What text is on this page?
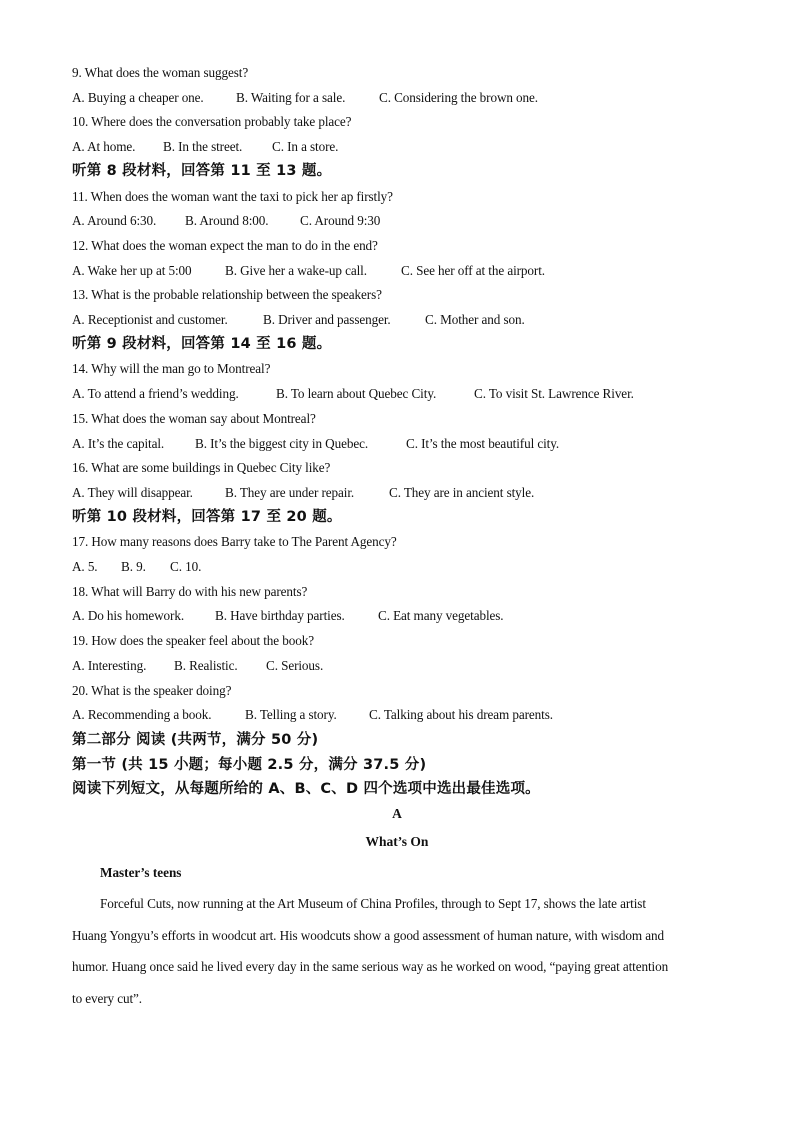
9. What does the woman suggest?
A. Buying a cheaper one. B. Waiting for a sale.	C. Considering the brown one.
10. Where does the conversation probably take place?
A. At home. B. In the street. C. In a store.
听第 8 段材料，回答第 11 至 13 题。
11. When does the woman want the taxi to pick her ap firstly?
A. Around 6:30. B. Around 8:00. C. Around 9:30
12. What does the woman expect the man to do in the end?
A. Wake her up at 5:00	B. Give her a wake-up call.	C. See her off at the airport.
13. What is the probable relationship between the speakers?
A. Receptionist and customer.	B. Driver and passenger.	C. Mother and son.
听第 9 段材料，回答第 14 至 16 题。
14. Why will the man go to Montreal?
A. To attend a friend’s wedding.	B. To learn about Quebec City.	C. To visit St. Lawrence River.
15. What does the woman say about Montreal?
A. It’s the capital. B. It’s the biggest city in Quebec.	C. It’s the most beautiful city.
16. What are some buildings in Quebec City like?
A. They will disappear. B. They are under repair.	C. They are in ancient style.
听第 10 段材料，回答第 17 至 20 题。
17. How many reasons does Barry take to The Parent Agency?
A. 5. B. 9. C. 10.
18. What will Barry do with his new parents?
A. Do his homework. B. Have birthday parties.	C. Eat many vegetables.
19. How does the speaker feel about the book?
A. Interesting. B. Realistic. C. Serious.
20. What is the speaker doing?
A. Recommending a book.	B. Telling a story. C. Talking about his dream parents.
第二部分 阅读 (共两节，满分 50 分)
第一节 (共 15 小题；每小题 2.5 分，满分 37.5 分)
阅读下列短文，从每题所给的 A、B、C、D 四个选项中选出最佳选项。
A
What’s On
Master’s teens
Forceful Cuts, now running at the Art Museum of China Profiles, through to Sept 17, shows the late artist
Huang Yongyu’s efforts in woodcut art. His woodcuts show a good assessment of human nature, with wisdom and
humor. Huang once said he lived every day in the same serious way as he worked on wood, “paying great attention
to every cut”.
